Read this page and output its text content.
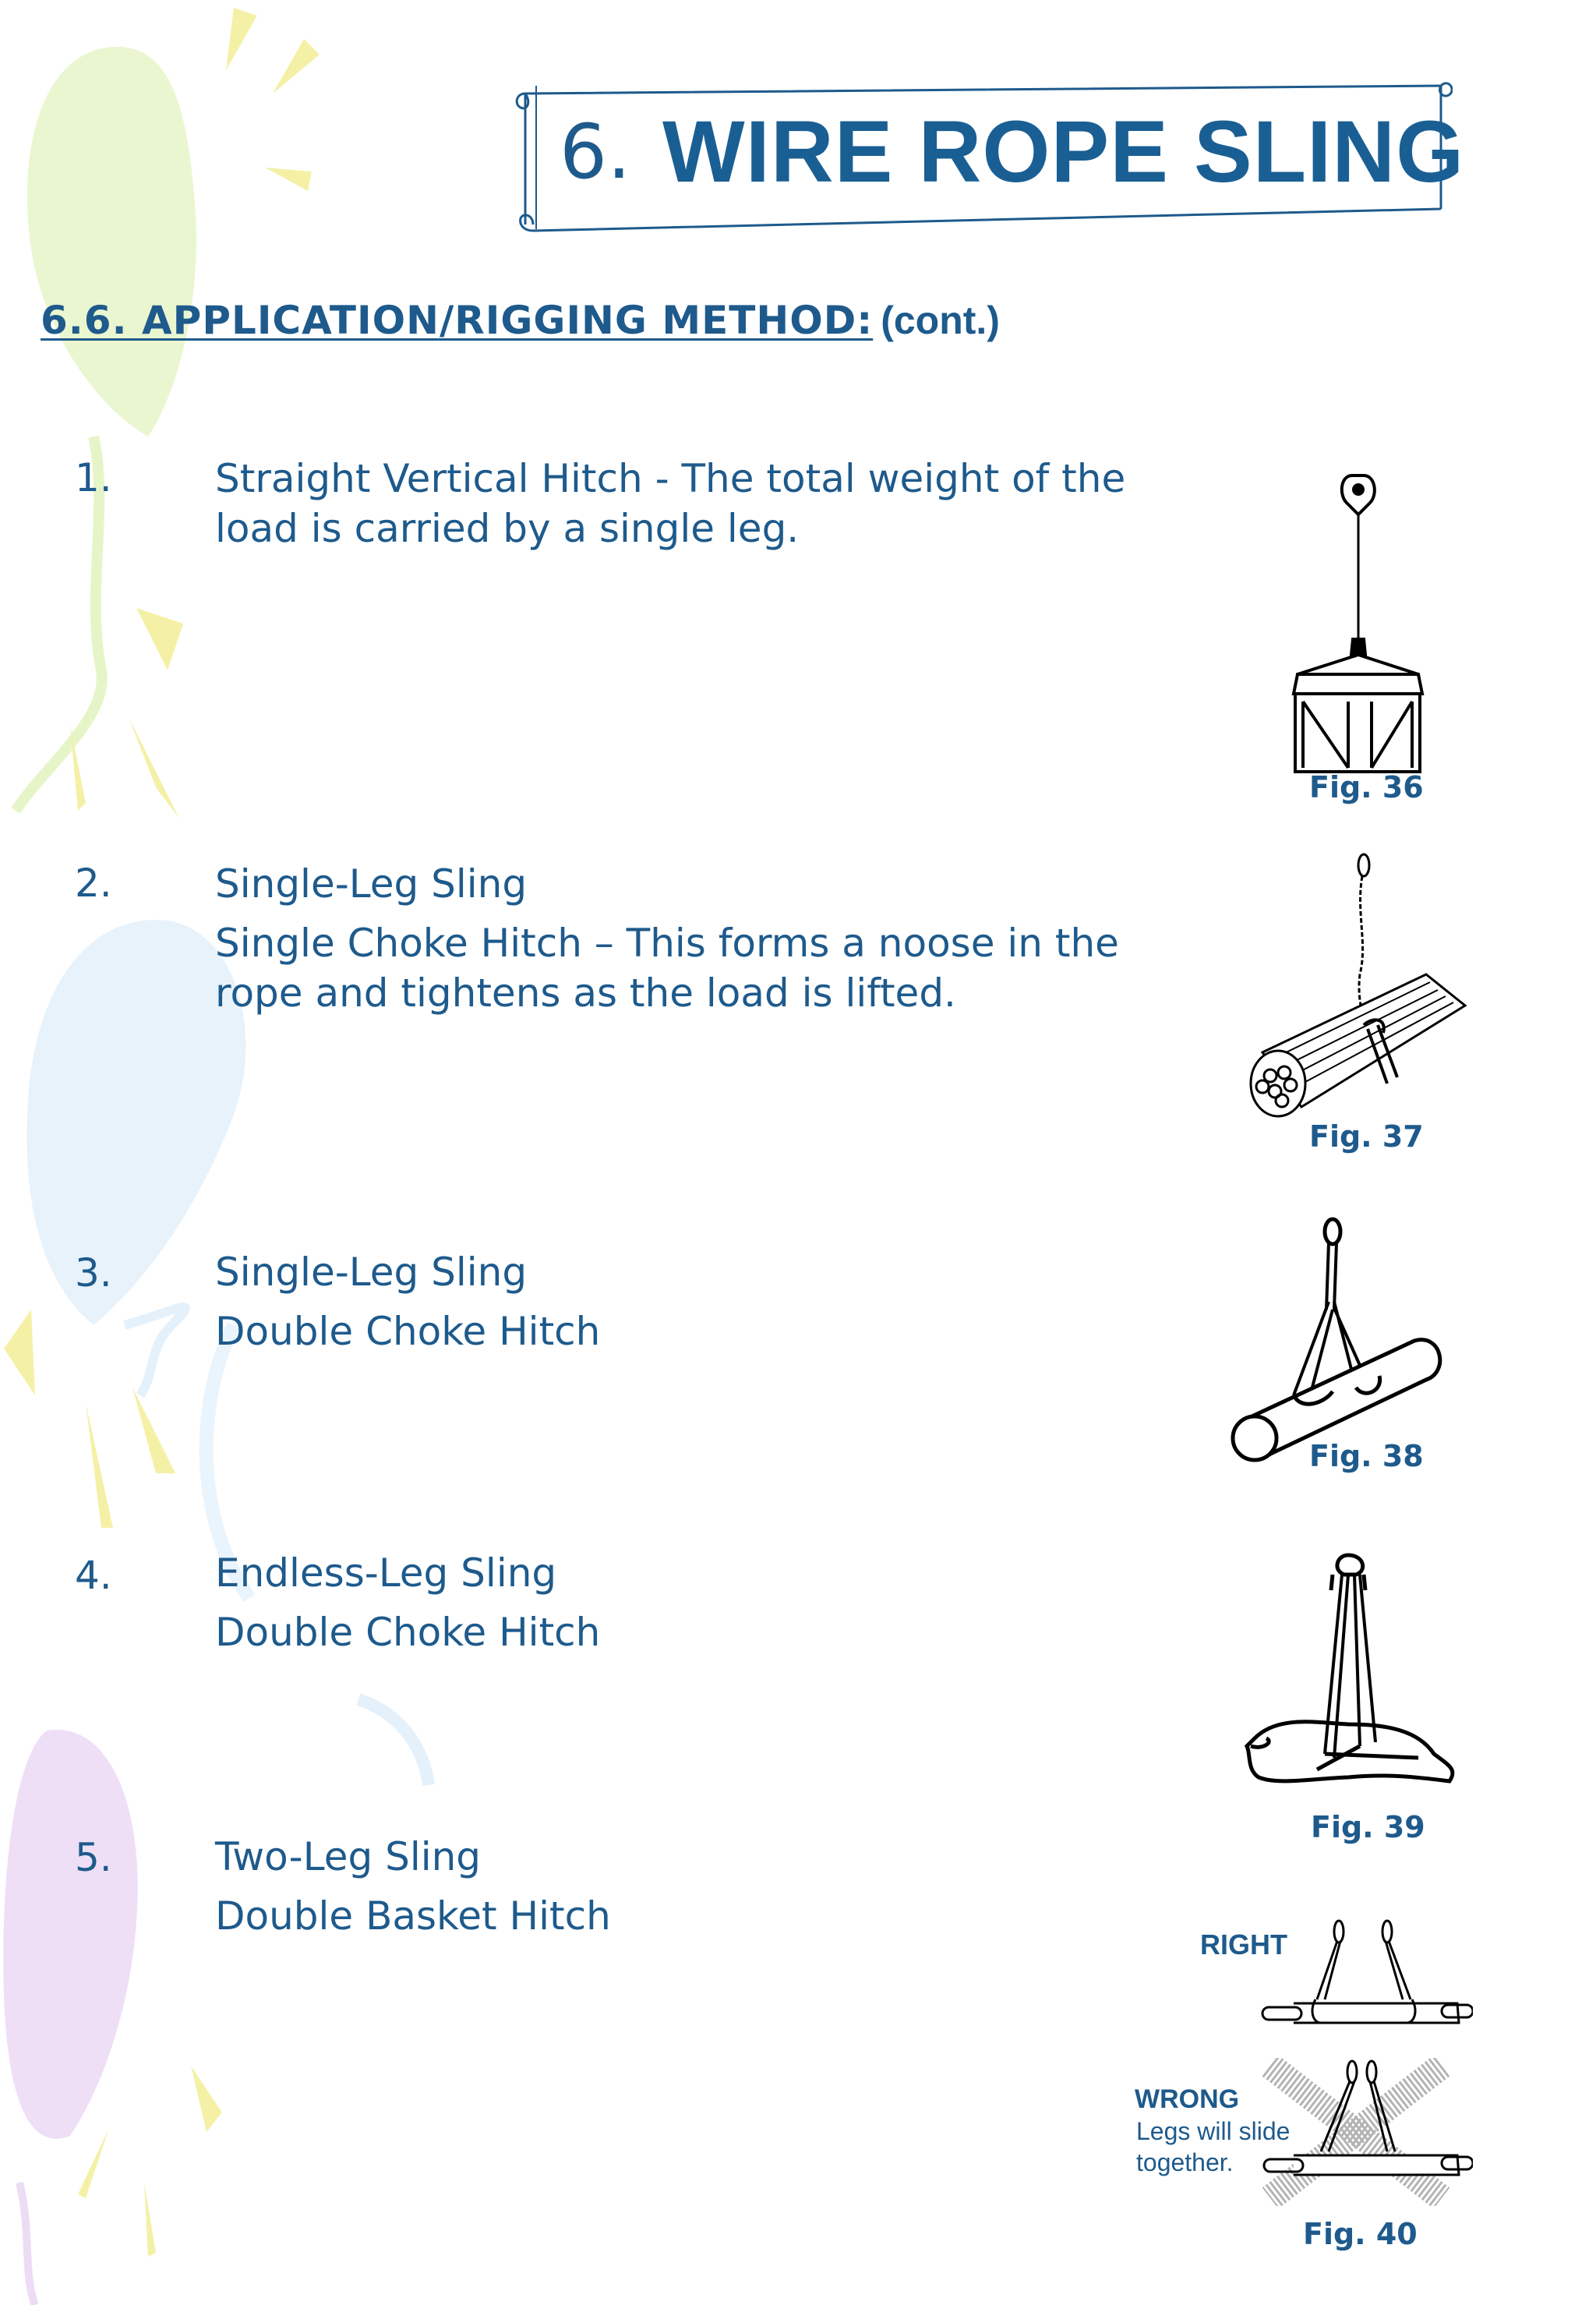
6. WIRE ROPE SLING
6.6. APPLICATION/RIGGING METHOD: (cont.)
1.	Straight Vertical Hitch - The total weight of the

load is carried by a single leg.

2.	Single-Leg Sling

Single Choke Hitch – This forms a noose in the

rope and tightens as the load is lifted.

3.	Single-Leg Sling

Double Choke Hitch

4.	Endless-Leg Sling

Double Choke Hitch

5.	Two-Leg Sling

Double Basket Hitch

Fig. 36
Fig. 37
Fig. 38
Fig. 39
RIGHT
WRONG
Legs will slide
together.
Fig. 40
